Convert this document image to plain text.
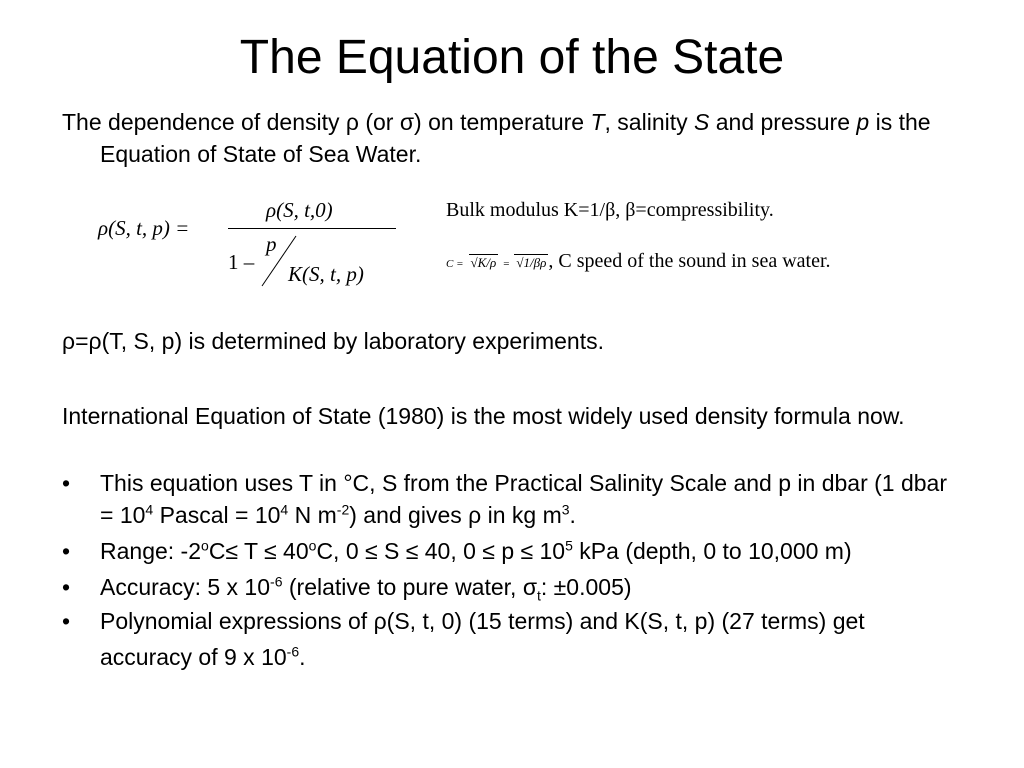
The Equation of the State
The dependence of density ρ (or σ) on temperature T, salinity S and pressure p is the Equation of State of Sea Water.
ρ(S, t, p) =
ρ(S, t,0)
1 –
p
K(S, t, p)
Bulk modulus K=1/β, β=compressibility.
C = √K/ρ = √1/βρ , C speed of the sound in sea water.
ρ=ρ(T, S, p) is determined by laboratory experiments.
International Equation of State (1980) is the most widely used density formula now.
• This equation uses T in °C, S from the Practical Salinity Scale and p in dbar (1 dbar = $10^4$ Pascal = $10^4$ N $m^{-2}$) and gives ρ in kg $m^3$.
• Range: $-2^oC\le T \le 40^oC$, 0 ≤ S ≤ 40, $0 \le p \le 10^5$ kPa (depth, 0 to 10,000 m)
• Accuracy: 5 x $10^{-6}$ (relative to pure water, $\sigma_t$: ±0.005)
• Polynomial expressions of ρ(S, t, 0) (15 terms) and K(S, t, p) (27 terms) get accuracy of 9 x $10^{-6}$.
